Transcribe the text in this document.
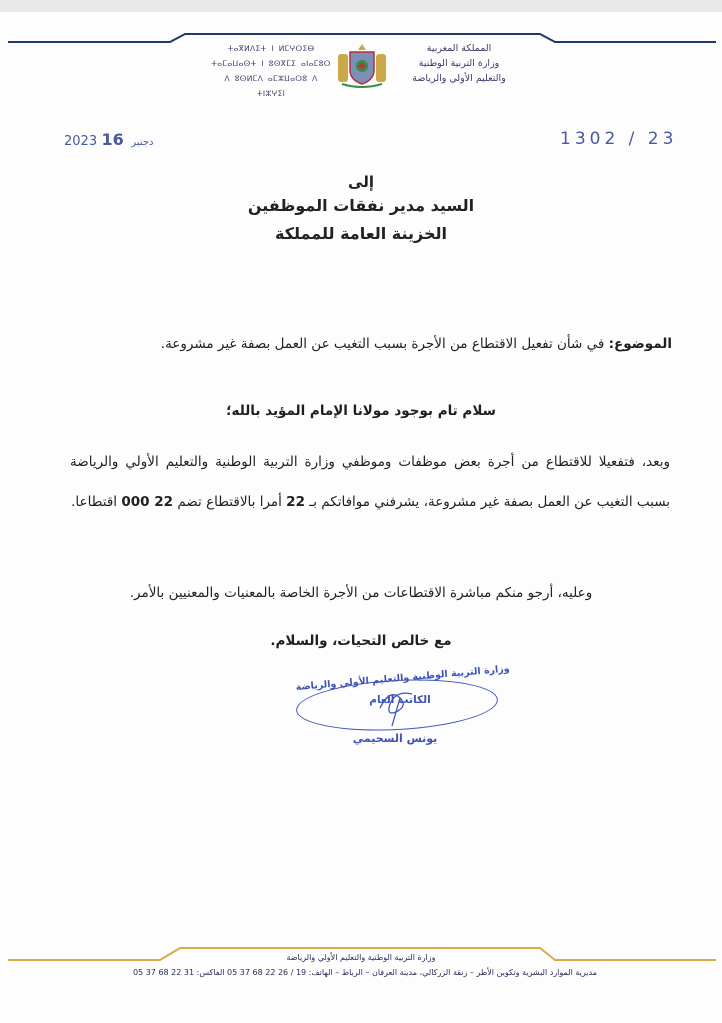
ⵜⴰⴳⵍⴷⵉⵜ ⵏ ⵍⵎⵖⵔⵉⴱ
ⵜⴰⵎⴰⵡⴰⵙⵜ ⵏ ⵓⵙⴳⵎⵉ ⴰⵏⴰⵎⵓⵔ
ⴷ ⵓⵙⵍⵎⴷ ⴰⵎⵣⵡⴰⵔⵓ ⴷ ⵜⵏⵣⵖⵉⵏ
المملكة المغربية
وزارة التربية الوطنية
والتعليم الأولي والرياضة
2023	دجنبر 16	1302 / 23
إلى
السيد مدير نفقات الموظفين
الخزينة العامة للمملكة
الموضوع: في شأن تفعيل الاقتطاع من الأجرة بسبب التغيب عن العمل بصفة غير مشروعة.
سلام تام بوجود مولانا الإمام المؤيد بالله؛
وبعد، فتفعيلا للاقتطاع من أجرة بعض موظفات وموظفي وزارة التربية الوطنية والتعليم الأولي والرياضة بسبب التغيب عن العمل بصفة غير مشروعة، يشرفني موافاتكم بـ 22 أمرا بالاقتطاع تضم 22 000 اقتطاعا.
وعليه، أرجو منكم مباشرة الاقتطاعات من الأجرة الخاصة بالمعنيات والمعنيين بالأمر.
مع خالص التحيات، والسلام.
وزارة التربية الوطنية والتعليم الأولي والرياضة
الكاتب العام
يونس السحيمي
وزارة التربية الوطنية والتعليم الأولي والرياضة
مديرية الموارد البشرية وتكوين الأطر – زنقة الزركالي، مدينة العرفان – الرباط – الهاتف: 19 / 26 22 68 37 05 الفاكس: 31 22 68 37 05
